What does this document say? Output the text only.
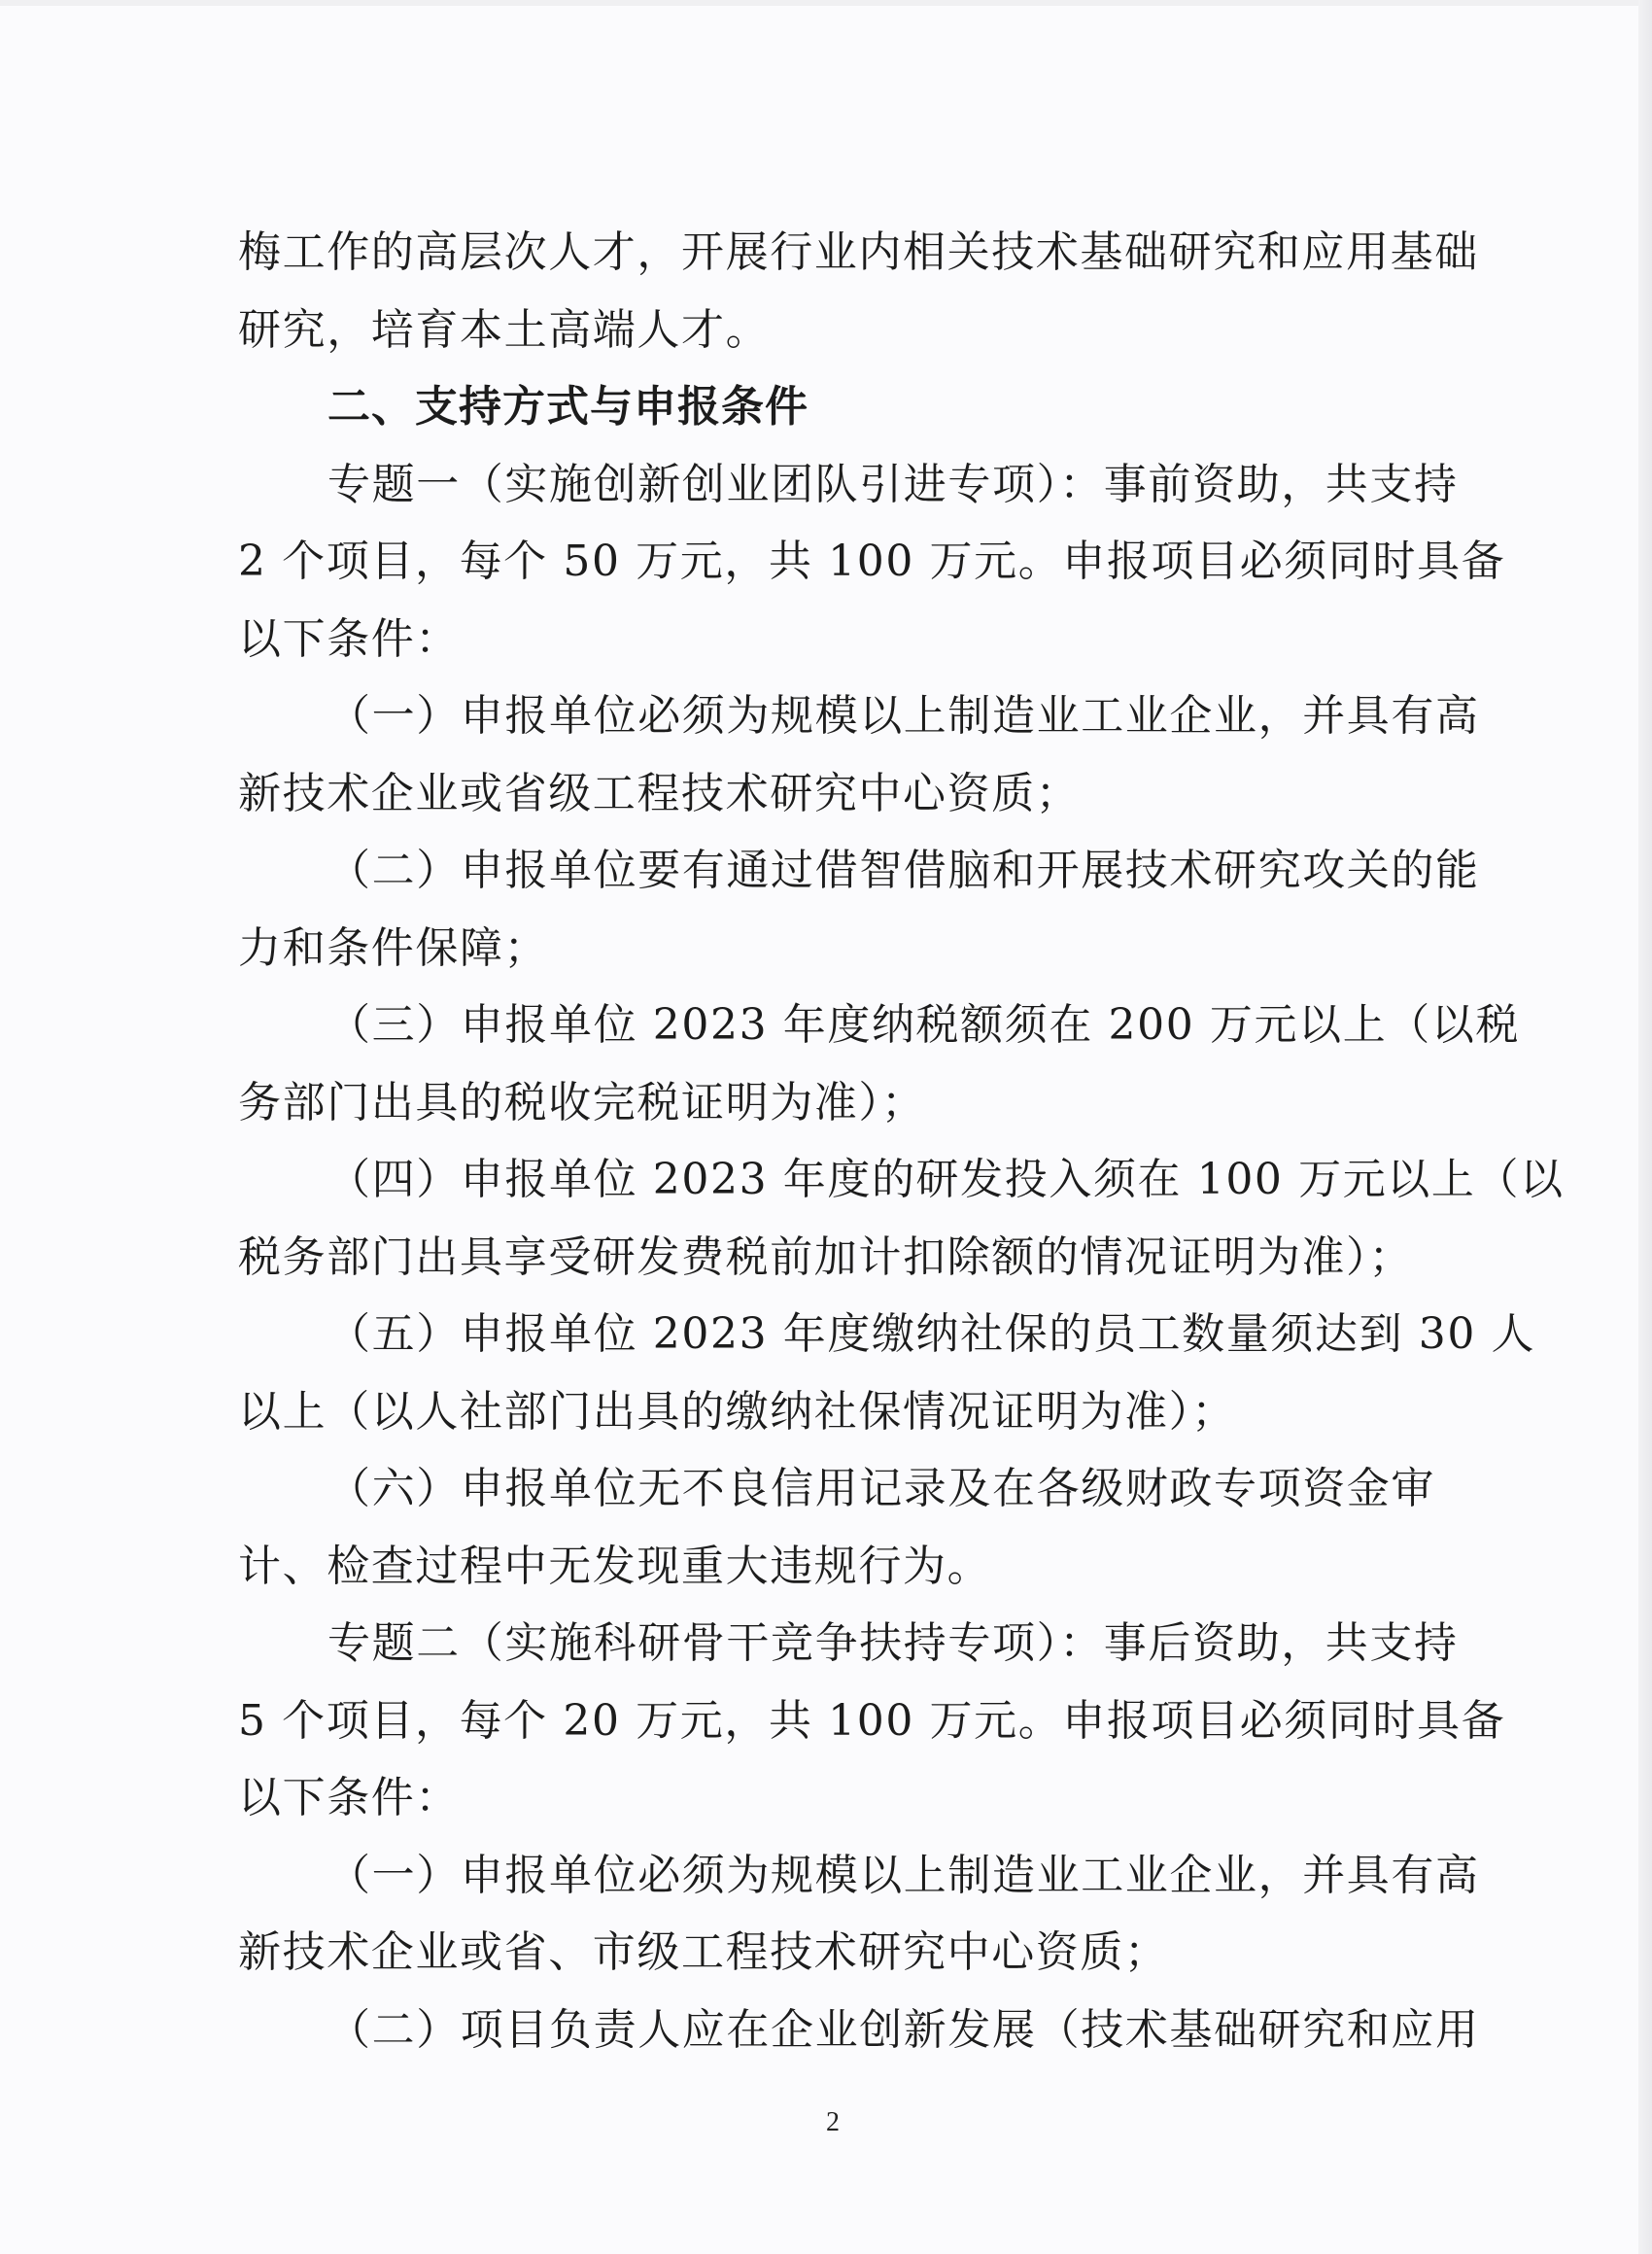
梅工作的高层次人才，开展行业内相关技术基础研究和应用基础
研究，培育本土高端人才。
二、支持方式与申报条件
专题一（实施创新创业团队引进专项）：事前资助，共支持
2 个项目，每个 50 万元，共 100 万元。申报项目必须同时具备
以下条件：
（一）申报单位必须为规模以上制造业工业企业，并具有高
新技术企业或省级工程技术研究中心资质；
（二）申报单位要有通过借智借脑和开展技术研究攻关的能
力和条件保障；
（三）申报单位 2023 年度纳税额须在 200 万元以上（以税
务部门出具的税收完税证明为准）；
（四）申报单位 2023 年度的研发投入须在 100 万元以上（以
税务部门出具享受研发费税前加计扣除额的情况证明为准）；
（五）申报单位 2023 年度缴纳社保的员工数量须达到 30 人
以上（以人社部门出具的缴纳社保情况证明为准）；
（六）申报单位无不良信用记录及在各级财政专项资金审
计、检查过程中无发现重大违规行为。
专题二（实施科研骨干竞争扶持专项）：事后资助，共支持
5 个项目，每个 20 万元，共 100 万元。申报项目必须同时具备
以下条件：
（一）申报单位必须为规模以上制造业工业企业，并具有高
新技术企业或省、市级工程技术研究中心资质；
（二）项目负责人应在企业创新发展（技术基础研究和应用
2
